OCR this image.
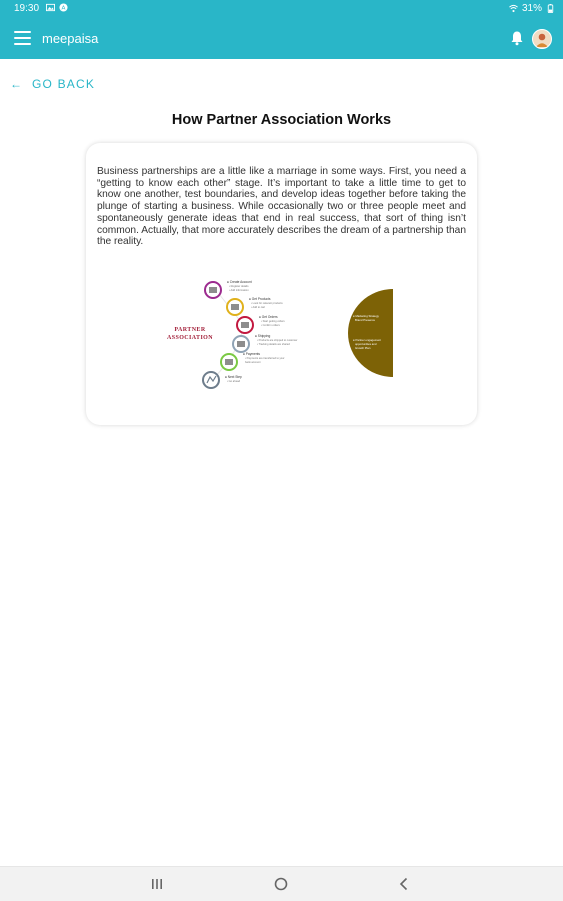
19:30	A	31%
meepaisa
← GO BACK
How Partner Association Works

Business partnerships are a little like a marriage in some ways. First, you need a “getting to know each other” stage. It’s important to take a little time to get to know one another, test boundaries, and develop ideas together before taking the plunge of starting a business. While occasionally two or three people meet and spontaneously generate ideas that end in real success, that sort of thing isn’t common. Actually, that more accurately describes the dream of a partnership than the reality.

PARTNER
ASSOCIATION
● Create Account
• Register details
• Add information
● Get Products
• Look for relevant products
• Add to cart
● Get Orders
• Start getting orders
• Confirm orders
● Shipping
• Products are shipped to customer
• Tracking details are shared
● Payments
• Payments are transferred to your
bank account
● Next Step
• Go ahead
● Marketing Strategy
Brand Presence
● Partner engagement
opportunities and
Growth Plan
